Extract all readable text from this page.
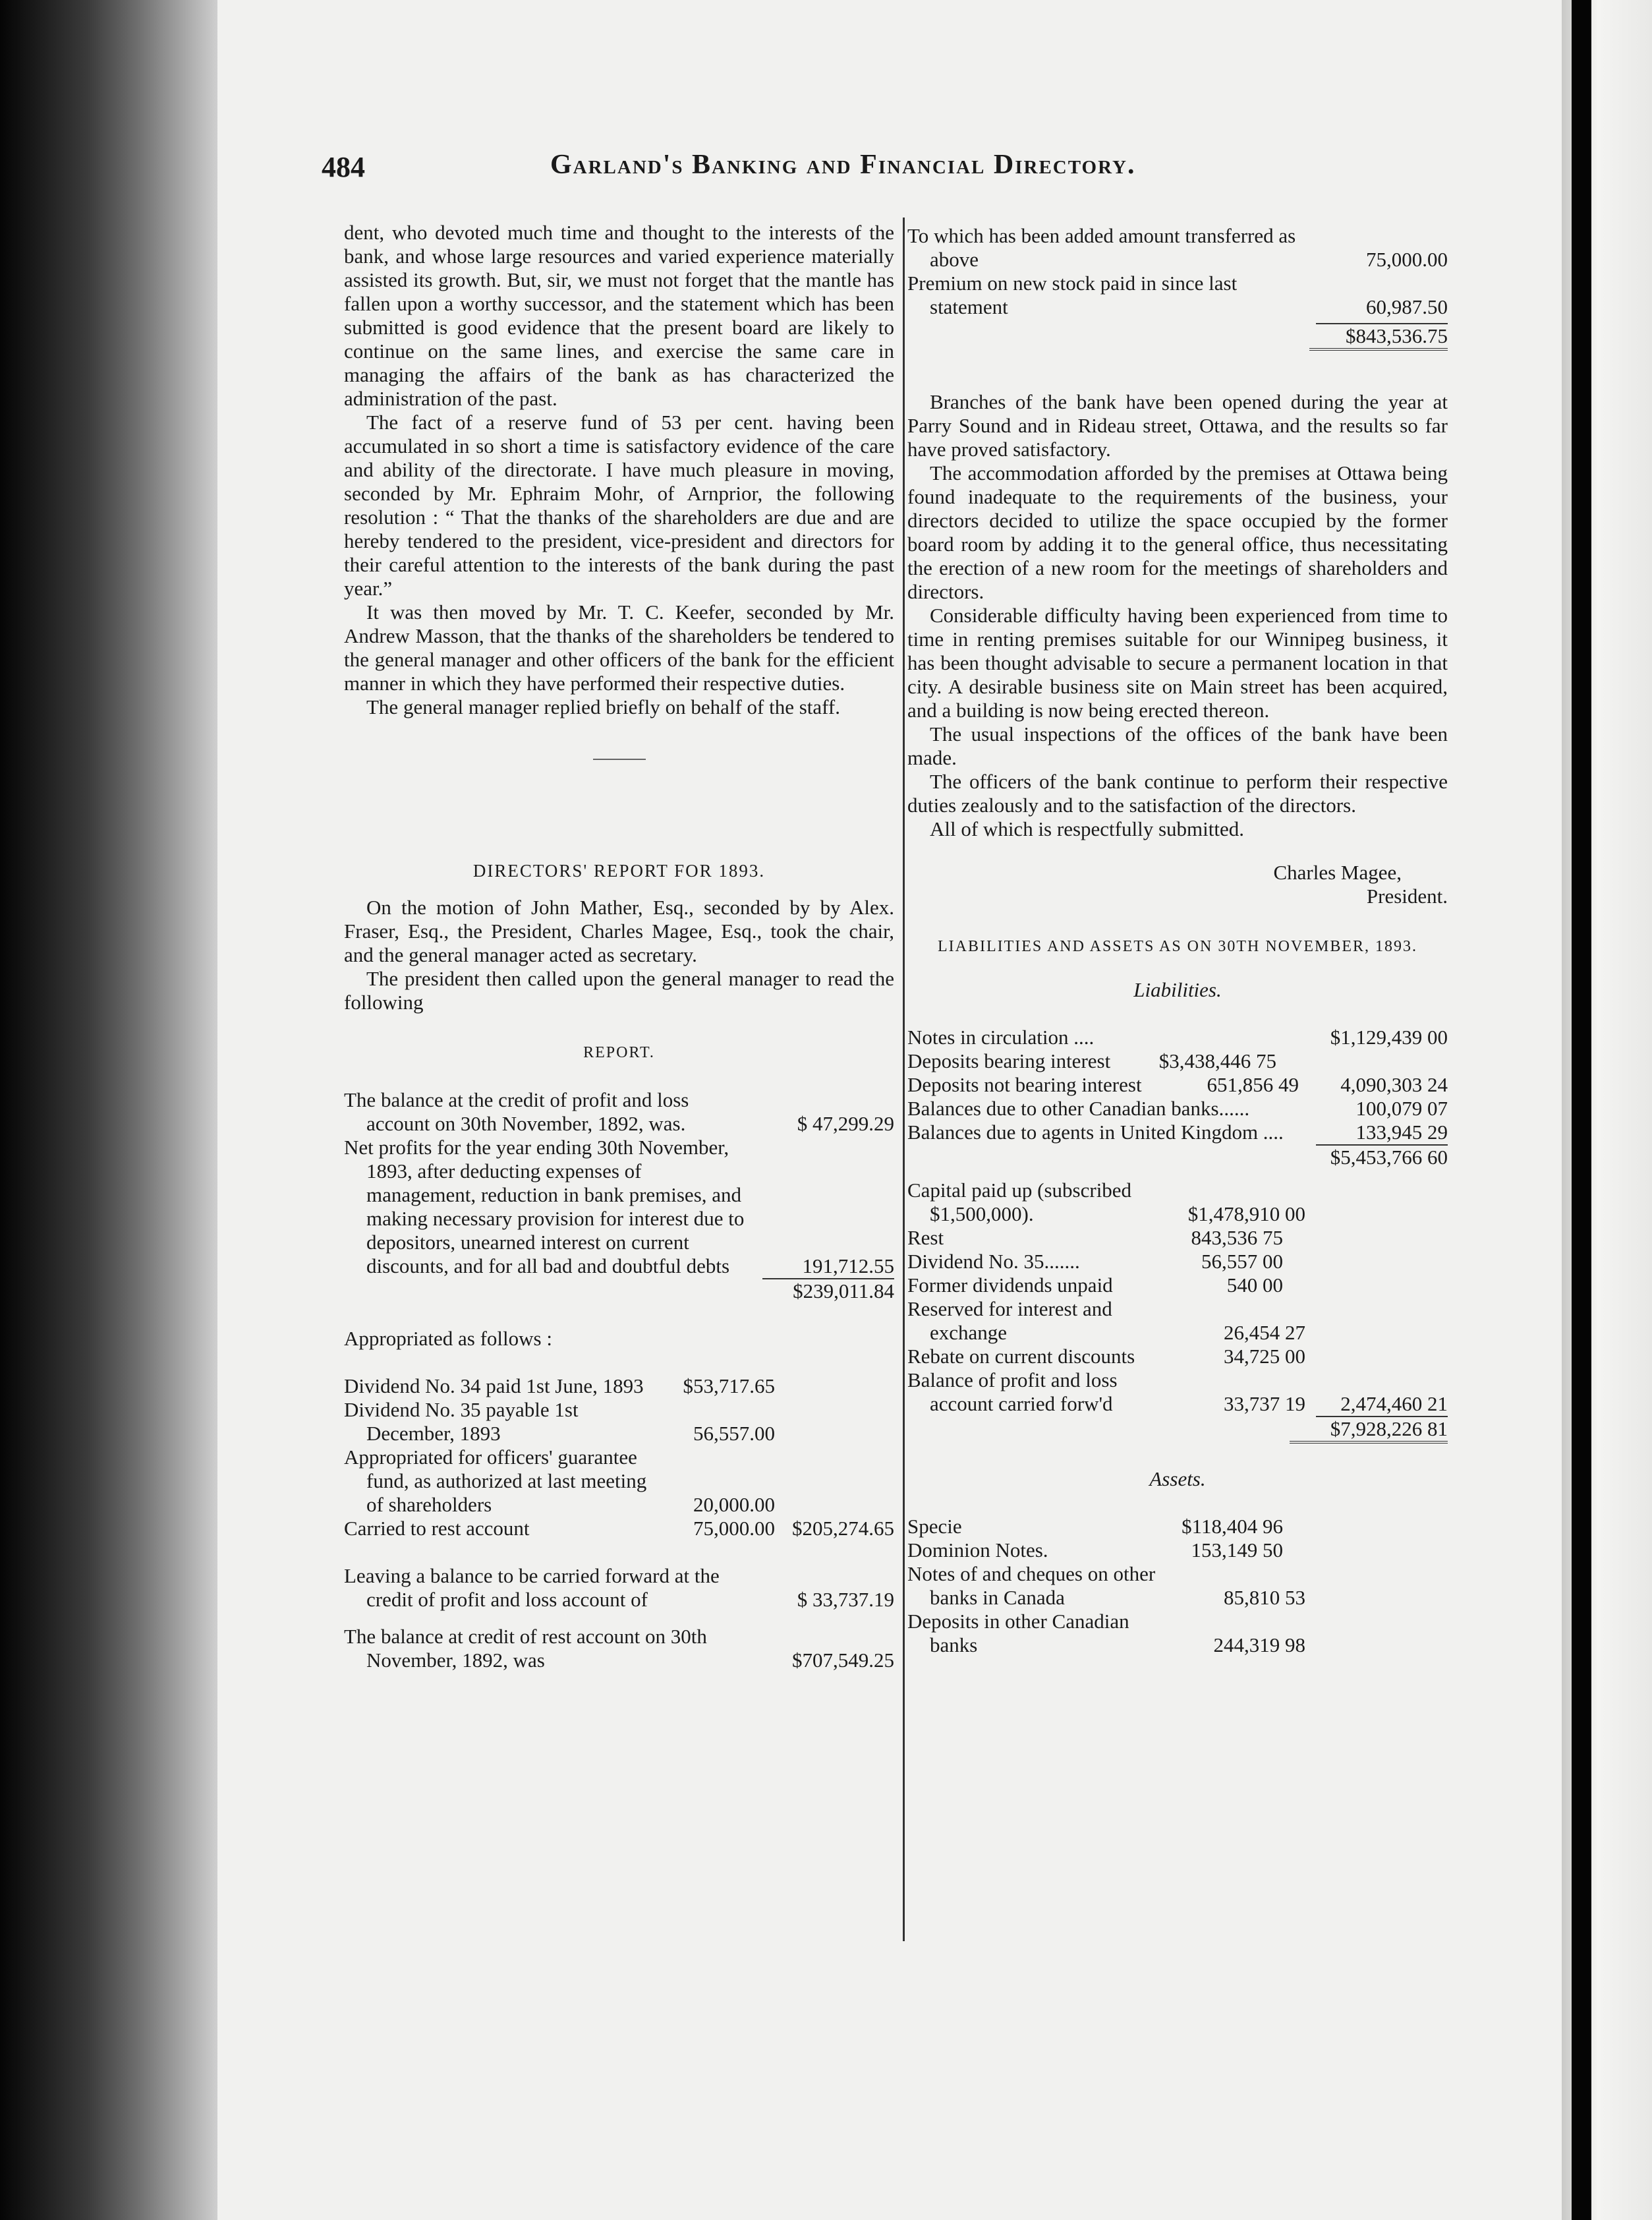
484	Garland's Banking and Financial Directory.

dent, who devoted much time and thought to the interests of the bank, and whose large resources and varied experience materially assisted its growth. But, sir, we must not forget that the mantle has fallen upon a worthy successor, and the statement which has been submitted is good evidence that the present board are likely to continue on the same lines, and exercise the same care in managing the affairs of the bank as has characterized the administration of the past.

The fact of a reserve fund of 53 per cent. having been accumulated in so short a time is satisfactory evidence of the care and ability of the directorate. I have much pleasure in moving, seconded by Mr. Ephraim Mohr, of Arnprior, the following resolution : “ That the thanks of the shareholders are due and are hereby tendered to the president, vice-president and directors for their careful attention to the interests of the bank during the past year.”

It was then moved by Mr. T. C. Keefer, seconded by Mr. Andrew Masson, that the thanks of the shareholders be tendered to the general manager and other officers of the bank for the efficient manner in which they have performed their respective duties.

The general manager replied briefly on behalf of the staff.

DIRECTORS' REPORT FOR 1893.

On the motion of John Mather, Esq., seconded by by Alex. Fraser, Esq., the President, Charles Magee, Esq., took the chair, and the general manager acted as secretary.

The president then called upon the general manager to read the following

REPORT.
The balance at the credit of profit and loss account on 30th November, 1892, was.	$ 47,299.29
Net profits for the year ending 30th November, 1893, after deducting expenses of management, reduction in bank premises, and making necessary provision for interest due to depositors, unearned interest on current discounts, and for all bad and doubtful debts	191,712.55
$239,011.84

Appropriated as follows :

Dividend No. 34 paid 1st June, 1893	$53,717.65
Dividend No. 35 payable 1st December, 1893	56,557.00
Appropriated for officers' guarantee fund, as authorized at last meeting of shareholders	20,000.00
Carried to rest account	75,000.00 $205,274.65
Leaving a balance to be carried forward at the credit of profit and loss account of	$ 33,737.19
The balance at credit of rest account on 30th November, 1892, was	$707,549.25
To which has been added amount transferred as above	75,000.00
Premium on new stock paid in since last statement	60,987.50
$843,536.75

Branches of the bank have been opened during the year at Parry Sound and in Rideau street, Ottawa, and the results so far have proved satisfactory.

The accommodation afforded by the premises at Ottawa being found inadequate to the requirements of the business, your directors decided to utilize the space occupied by the former board room by adding it to the general office, thus necessitating the erection of a new room for the meetings of shareholders and directors.

Considerable difficulty having been experienced from time to time in renting premises suitable for our Winnipeg business, it has been thought advisable to secure a permanent location in that city. A desirable business site on Main street has been acquired, and a building is now being erected thereon.

The usual inspections of the offices of the bank have been made.

The officers of the bank continue to perform their respective duties zealously and to the satisfaction of the directors.

All of which is respectfully submitted.

Charles Magee,
President.
LIABILITIES AND ASSETS AS ON 30TH NOVEMBER, 1893.
Liabilities.
Notes in circulation ....	$1,129,439 00
Deposits bearing interest	$3,438,446 75
Deposits not bearing interest	651,856 49	4,090,303 24
Balances due to other Canadian banks......	100,079 07
Balances due to agents in United Kingdom ....	133,945 29
$5,453,766 60
Capital paid up (subscribed $1,500,000).	$1,478,910 00
Rest	843,536 75
Dividend No. 35.......	56,557 00
Former dividends unpaid	540 00
Reserved for interest and exchange	26,454 27
Rebate on current discounts	34,725 00
Balance of profit and loss account carried forw'd	33,737 19	2,474,460 21
$7,928,226 81
Assets.
Specie	$118,404 96
Dominion Notes.	153,149 50
Notes of and cheques on other banks in Canada	85,810 53
Deposits in other Canadian banks	244,319 98
